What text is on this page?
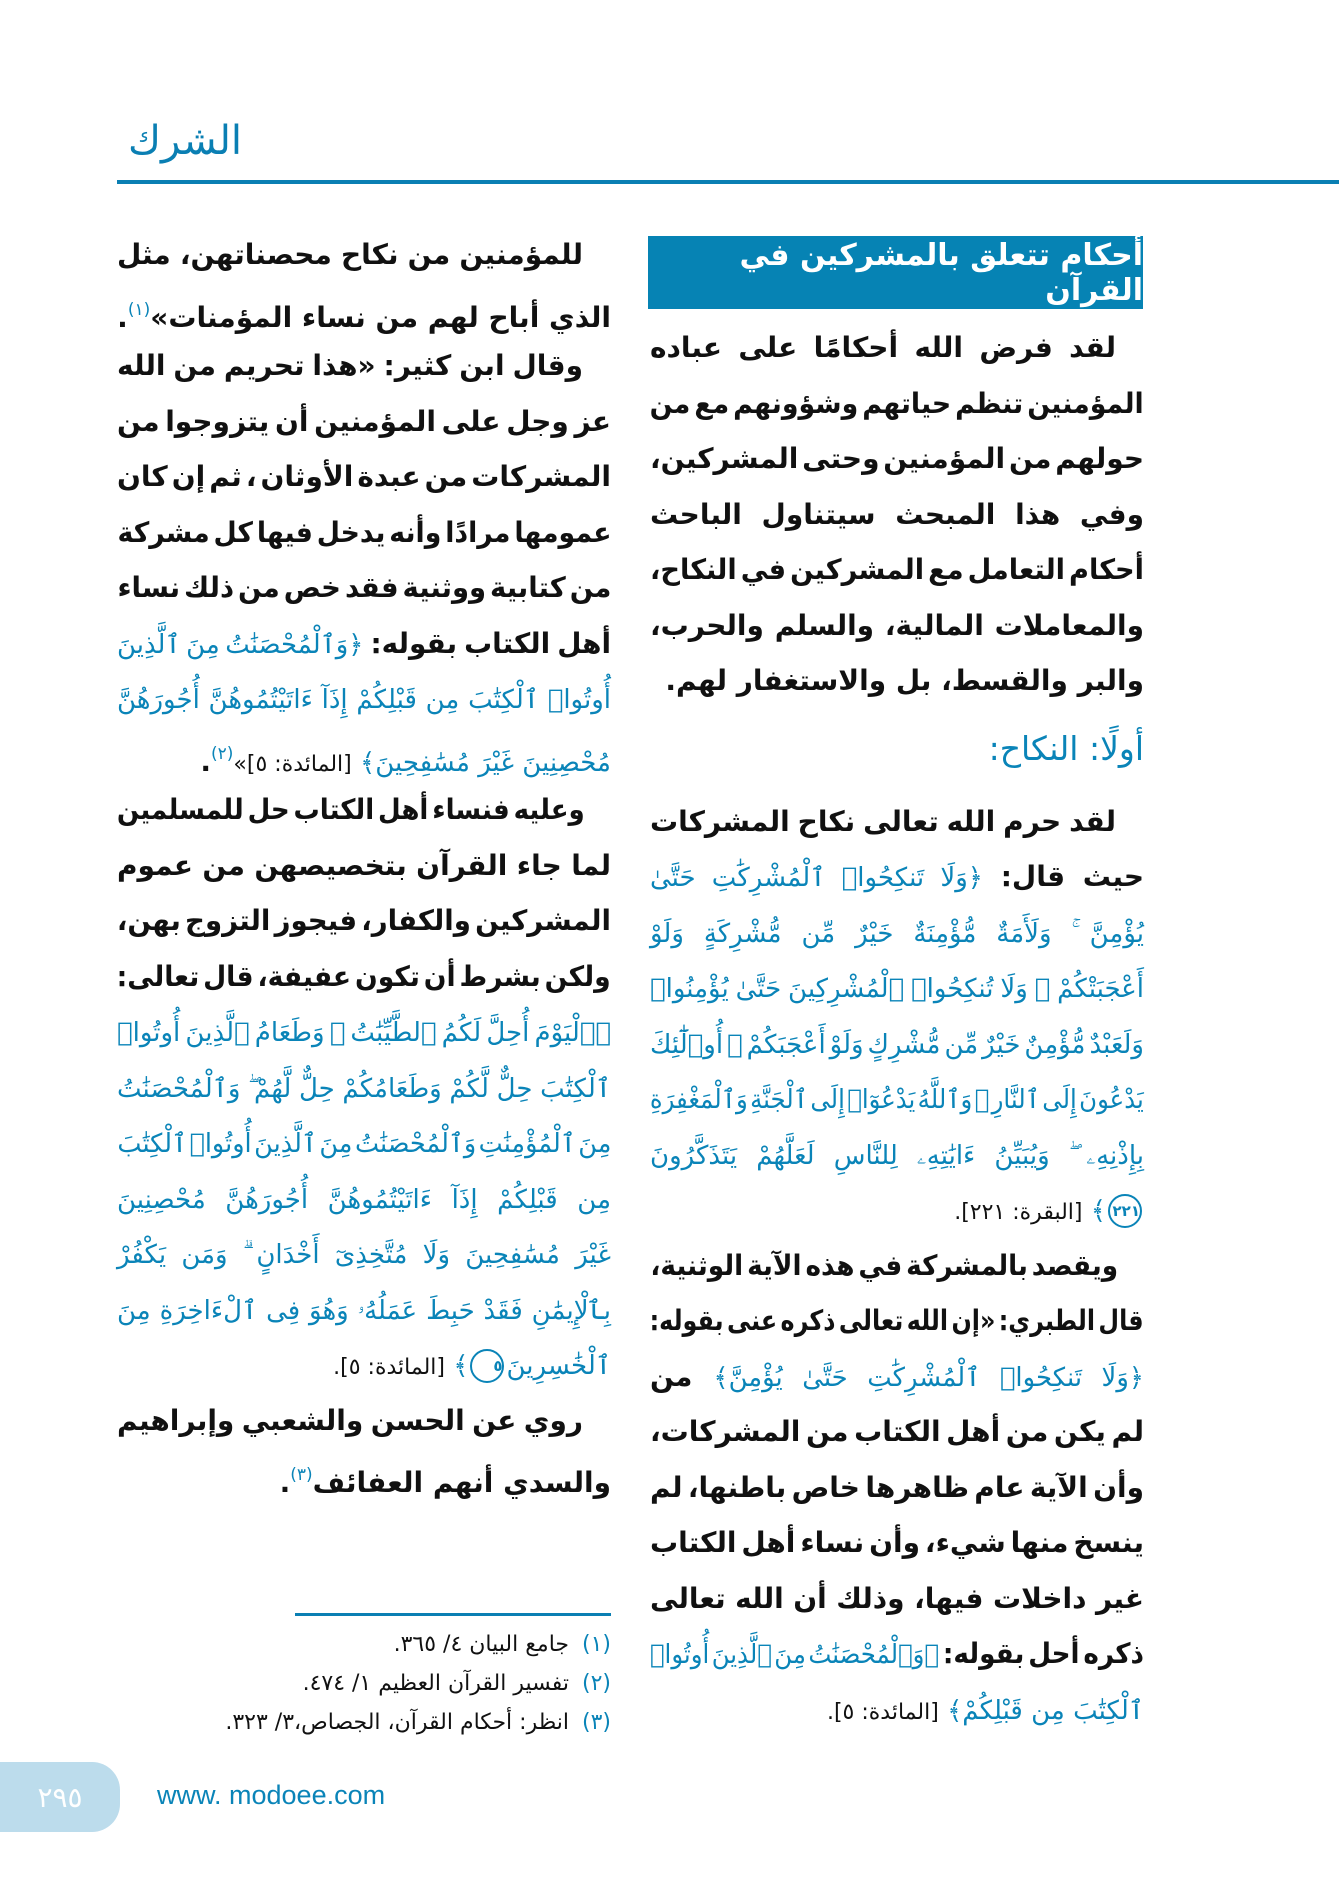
الشرك
أحكام تتعلق بالمشركين في القرآن
لقد فرض الله أحكامًا على عباده
المؤمنين تنظم حياتهم وشؤونهم مع من
حولهم من المؤمنين وحتى المشركين،
وفي هذا المبحث سيتناول الباحث
أحكام التعامل مع المشركين في النكاح،
والمعاملات المالية، والسلم والحرب،
والبر والقسط، بل والاستغفار لهم.
أولًا: النكاح:
لقد حرم الله تعالى نكاح المشركات
حيث قال: ﴿وَلَا تَنكِحُوا۟ ٱلْمُشْرِكَٰتِ حَتَّىٰ
يُؤْمِنَّ ۚ وَلَأَمَةٌ مُّؤْمِنَةٌ خَيْرٌ مِّن مُّشْرِكَةٍ وَلَوْ
أَعْجَبَتْكُمْ ۗ وَلَا تُنكِحُوا۟ ٱلْمُشْرِكِينَ حَتَّىٰ يُؤْمِنُوا۟
وَلَعَبْدٌ مُّؤْمِنٌ خَيْرٌ مِّن مُّشْرِكٍ وَلَوْ أَعْجَبَكُمْ ۗ أُو۟لَٰٓئِكَ
يَدْعُونَ إِلَى ٱلنَّارِ ۖ وَٱللَّهُ يَدْعُوٓا۟ إِلَى ٱلْجَنَّةِ وَٱلْمَغْفِرَةِ
بِإِذْنِهِۦ ۖ وَيُبَيِّنُ ءَايَٰتِهِۦ لِلنَّاسِ لَعَلَّهُمْ يَتَذَكَّرُونَ
٢٢١﴾ [البقرة: ٢٢١].
ويقصد بالمشركة في هذه الآية الوثنية،
قال الطبري: «إن الله تعالى ذكره عنى بقوله:
﴿وَلَا تَنكِحُوا۟ ٱلْمُشْرِكَٰتِ حَتَّىٰ يُؤْمِنَّ﴾ من
لم يكن من أهل الكتاب من المشركات،
وأن الآية عام ظاهرها خاص باطنها، لم
ينسخ منها شيء، وأن نساء أهل الكتاب
غير داخلات فيها، وذلك أن الله تعالى
ذكره أحل بقوله: ﴿وَٱلْمُحْصَنَٰتُ مِنَ ٱلَّذِينَ أُوتُوا۟
ٱلْكِتَٰبَ مِن قَبْلِكُمْ﴾ [المائدة: ٥].
للمؤمنين من نكاح محصناتهن، مثل
الذي أباح لهم من نساء المؤمنات»$^{(١)}$.
وقال ابن كثير: «هذا تحريم من الله
عز وجل على المؤمنين أن يتزوجوا من
المشركات من عبدة الأوثان ، ثم إن كان
عمومها مرادًا وأنه يدخل فيها كل مشركة
من كتابية ووثنية فقد خص من ذلك نساء
أهل الكتاب بقوله: ﴿وَٱلْمُحْصَنَٰتُ مِنَ ٱلَّذِينَ
أُوتُوا۟ ٱلْكِتَٰبَ مِن قَبْلِكُمْ إِذَآ ءَاتَيْتُمُوهُنَّ أُجُورَهُنَّ
مُحْصِنِينَ غَيْرَ مُسَٰفِحِينَ﴾ [المائدة: ٥]»$^{(٢)}$.
وعليه فنساء أهل الكتاب حل للمسلمين
لما جاء القرآن بتخصيصهن من عموم
المشركين والكفار، فيجوز التزوج بهن،
ولكن بشرط أن تكون عفيفة، قال تعالى:
﴿ٱلْيَوْمَ أُحِلَّ لَكُمُ ٱلطَّيِّبَٰتُ ۖ وَطَعَامُ ٱلَّذِينَ أُوتُوا۟
ٱلْكِتَٰبَ حِلٌّ لَّكُمْ وَطَعَامُكُمْ حِلٌّ لَّهُمْ ۖ وَٱلْمُحْصَنَٰتُ
مِنَ ٱلْمُؤْمِنَٰتِ وَٱلْمُحْصَنَٰتُ مِنَ ٱلَّذِينَ أُوتُوا۟ ٱلْكِتَٰبَ
مِن قَبْلِكُمْ إِذَآ ءَاتَيْتُمُوهُنَّ أُجُورَهُنَّ مُحْصِنِينَ
غَيْرَ مُسَٰفِحِينَ وَلَا مُتَّخِذِىٓ أَخْدَانٍ ۗ وَمَن يَكْفُرْ
بِٱلْإِيمَٰنِ فَقَدْ حَبِطَ عَمَلُهُۥ وَهُوَ فِى ٱلْءَاخِرَةِ مِنَ
ٱلْخَٰسِرِينَ٥﴾ [المائدة: ٥].
روي عن الحسن والشعبي وإبراهيم
والسدي أنهم العفائف$^{(٣)}$.
(١)جامع البيان ٤/ ٣٦٥.
(٢)تفسير القرآن العظيم ١/ ٤٧٤.
(٣)انظر: أحكام القرآن، الجصاص،٣/ ٣٢٣.
٢٩٥	www. modoee.com
